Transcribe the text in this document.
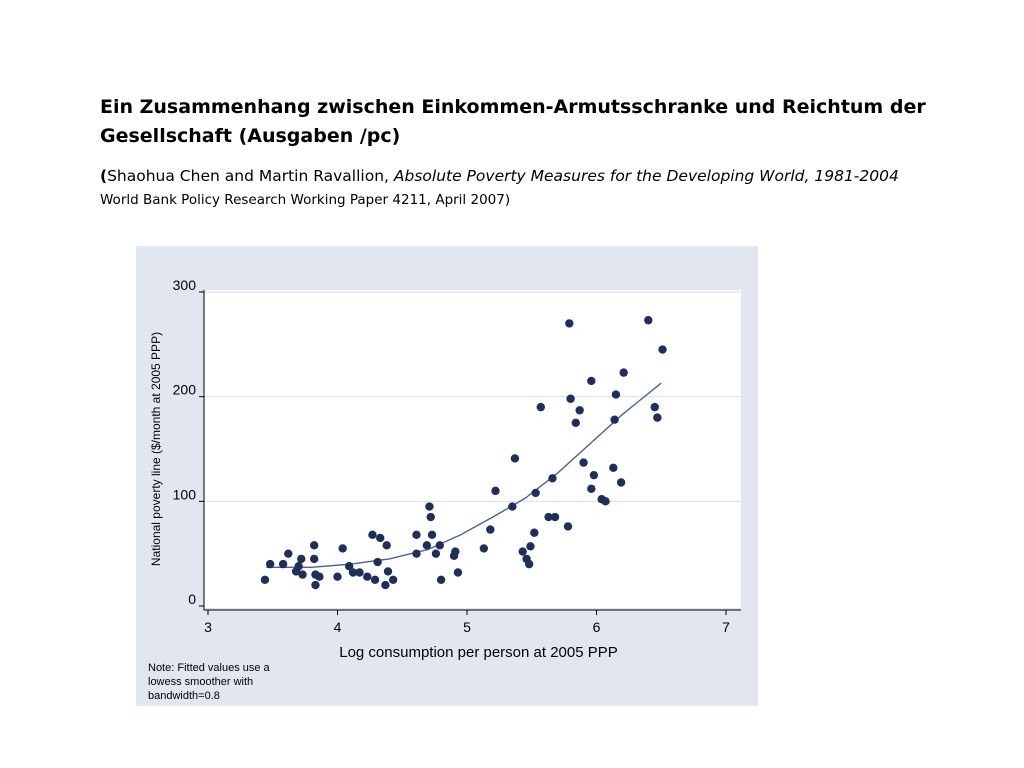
Ein Zusammenhang zwischen Einkommen-Armutsschranke und Reichtum der Gesellschaft (Ausgaben /pc)
(Shaohua Chen and Martin Ravallion, Absolute Poverty Measures for the Developing World, 1981-2004
World Bank Policy Research Working Paper 4211, April 2007)
0
100
200
300
3	4	5	6	7
National poverty line ($/month at 2005 PPP)
Log consumption per person at 2005 PPP
Note: Fitted values use a
lowess smoother with
bandwidth=0.8
